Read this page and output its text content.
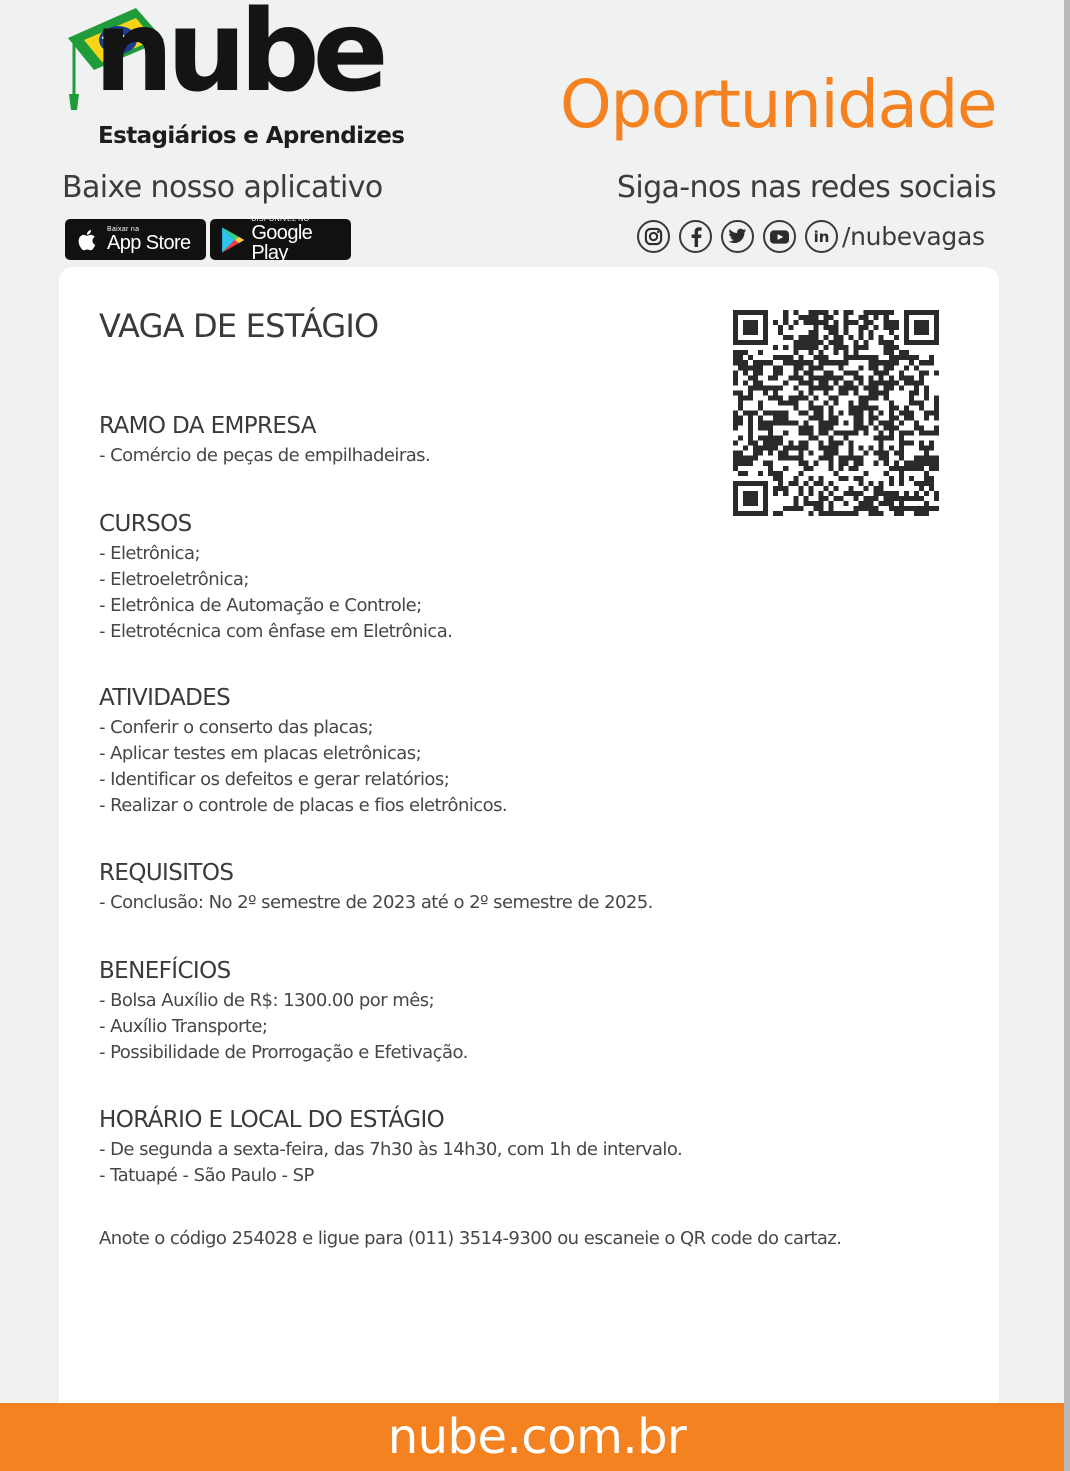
nube
Estagiários e Aprendizes Oportunidade
Baixe nosso aplicativo	Siga-nos nas redes sociais
Baixar na
App Store
DISPONÍVEL NO
Google Play
in /nubevagas
VAGA DE ESTÁGIO
RAMO DA EMPRESA
- Comércio de peças de empilhadeiras.
CURSOS
- Eletrônica;
- Eletroeletrônica;
- Eletrônica de Automação e Controle;
- Eletrotécnica com ênfase em Eletrônica.
ATIVIDADES
- Conferir o conserto das placas;
- Aplicar testes em placas eletrônicas;
- Identificar os defeitos e gerar relatórios;
- Realizar o controle de placas e fios eletrônicos.
REQUISITOS
- Conclusão: No 2º semestre de 2023 até o 2º semestre de 2025.
BENEFÍCIOS
- Bolsa Auxílio de R$: 1300.00 por mês;
- Auxílio Transporte;
- Possibilidade de Prorrogação e Efetivação.
HORÁRIO E LOCAL DO ESTÁGIO
- De segunda a sexta-feira, das 7h30 às 14h30, com 1h de intervalo.
- Tatuapé - São Paulo - SP
Anote o código 254028 e ligue para (011) 3514-9300 ou escaneie o QR code do cartaz.
nube.com.br
